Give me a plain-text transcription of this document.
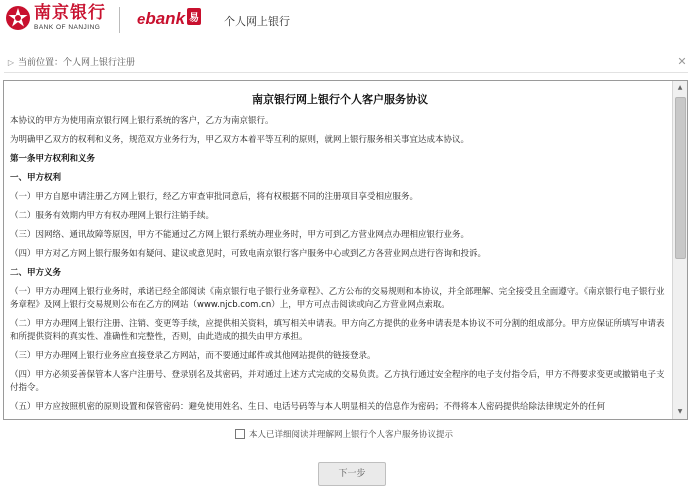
南京银行
BANK OF NANJING	ebank 易 个人网上银行
▷ 当前位置：个人网上银行注册	✕
南京银行网上银行个人客户服务协议
本协议的甲方为使用南京银行网上银行系统的客户，乙方为南京银行。
为明确甲乙双方的权利和义务，规范双方业务行为，甲乙双方本着平等互利的原则，就网上银行服务相关事宜达成本协议。
第一条甲方权利和义务
一、甲方权利
（一）甲方自愿申请注册乙方网上银行，经乙方审查审批同意后，将有权根据不同的注册项目享受相应服务。
（二）服务有效期内甲方有权办理网上银行注销手续。
（三）因网络、通讯故障等原因，甲方不能通过乙方网上银行系统办理业务时，甲方可到乙方营业网点办理相应银行业务。
（四）甲方对乙方网上银行服务如有疑问、建议或意见时，可致电南京银行客户服务中心或到乙方各营业网点进行咨询和投诉。
二、甲方义务
（一）甲方办理网上银行业务时，承诺已经全部阅读《南京银行电子银行业务章程》、乙方公布的交易规则和本协议，并全部理解、完全接受且全面遵守。《南京银行电子银行业务章程》及网上银行交易规则公布在乙方的网站（www.njcb.com.cn）上，甲方可点击阅读或向乙方营业网点索取。
（二）甲方办理网上银行注册、注销、变更等手续，应提供相关资料，填写相关申请表。甲方向乙方提供的业务申请表是本协议不可分割的组成部分。甲方应保证所填写申请表和所提供资料的真实性、准确性和完整性，否则，由此造成的损失由甲方承担。
（三）甲方办理网上银行业务应直接登录乙方网站，而不要通过邮件或其他网站提供的链接登录。
（四）甲方必须妥善保管本人客户注册号、登录别名及其密码，并对通过上述方式完成的交易负责。乙方执行通过安全程序的电子支付指令后，甲方不得要求变更或撤销电子支付指令。
（五）甲方应按照机密的原则设置和保管密码：避免使用姓名、生日、电话号码等与本人明显相关的信息作为密码；不得将本人密码提供给除法律规定外的任何
▲
▼
本人已详细阅读并理解网上银行个人客户服务协议提示
下一步
